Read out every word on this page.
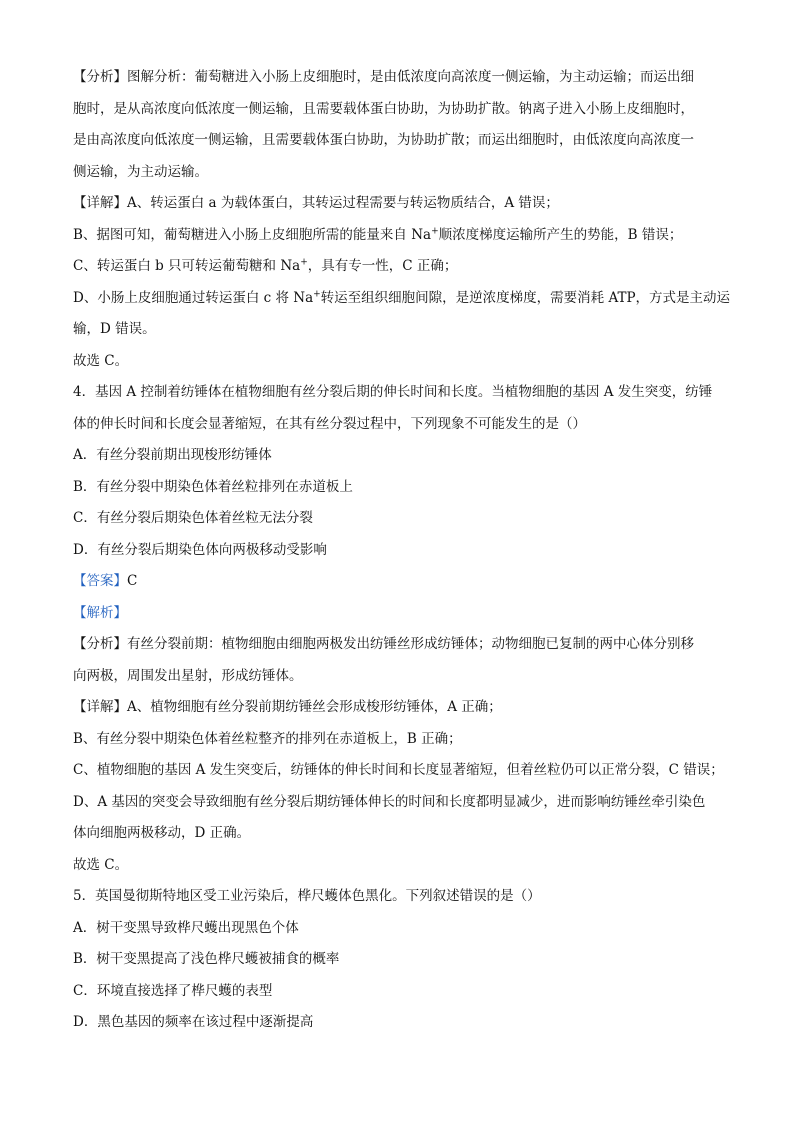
【分析】图解分析：葡萄糖进入小肠上皮细胞时，是由低浓度向高浓度一侧运输，为主动运输；而运出细
胞时，是从高浓度向低浓度一侧运输，且需要载体蛋白协助，为协助扩散。钠离子进入小肠上皮细胞时，
是由高浓度向低浓度一侧运输，且需要载体蛋白协助，为协助扩散；而运出细胞时，由低浓度向高浓度一
侧运输，为主动运输。
【详解】A、转运蛋白 a 为载体蛋白，其转运过程需要与转运物质结合，A 错误；
B、据图可知，葡萄糖进入小肠上皮细胞所需的能量来自 Na+顺浓度梯度运输所产生的势能，B 错误；
C、转运蛋白 b 只可转运葡萄糖和 Na+，具有专一性，C 正确；
D、小肠上皮细胞通过转运蛋白 c 将 Na+转运至组织细胞间隙，是逆浓度梯度，需要消耗 ATP，方式是主动运
输，D 错误。
故选 C。
4．基因 A 控制着纺锤体在植物细胞有丝分裂后期的伸长时间和长度。当植物细胞的基因 A 发生突变，纺锤
体的伸长时间和长度会显著缩短，在其有丝分裂过程中，下列现象不可能发生的是（）
A．有丝分裂前期出现梭形纺锤体
B．有丝分裂中期染色体着丝粒排列在赤道板上
C．有丝分裂后期染色体着丝粒无法分裂
D．有丝分裂后期染色体向两极移动受影响
【答案】C
【解析】
【分析】有丝分裂前期：植物细胞由细胞两极发出纺锤丝形成纺锤体；动物细胞已复制的两中心体分别移
向两极，周围发出星射，形成纺锤体。
【详解】A、植物细胞有丝分裂前期纺锤丝会形成梭形纺锤体，A 正确；
B、有丝分裂中期染色体着丝粒整齐的排列在赤道板上，B 正确；
C、植物细胞的基因 A 发生突变后，纺锤体的伸长时间和长度显著缩短，但着丝粒仍可以正常分裂，C 错误；
D、A 基因的突变会导致细胞有丝分裂后期纺锤体伸长的时间和长度都明显减少，进而影响纺锤丝牵引染色
体向细胞两极移动，D 正确。
故选 C。
5．英国曼彻斯特地区受工业污染后，桦尺蠖体色黑化。下列叙述错误的是（）
A．树干变黑导致桦尺蠖出现黑色个体
B．树干变黑提高了浅色桦尺蠖被捕食的概率
C．环境直接选择了桦尺蠖的表型
D．黑色基因的频率在该过程中逐渐提高
